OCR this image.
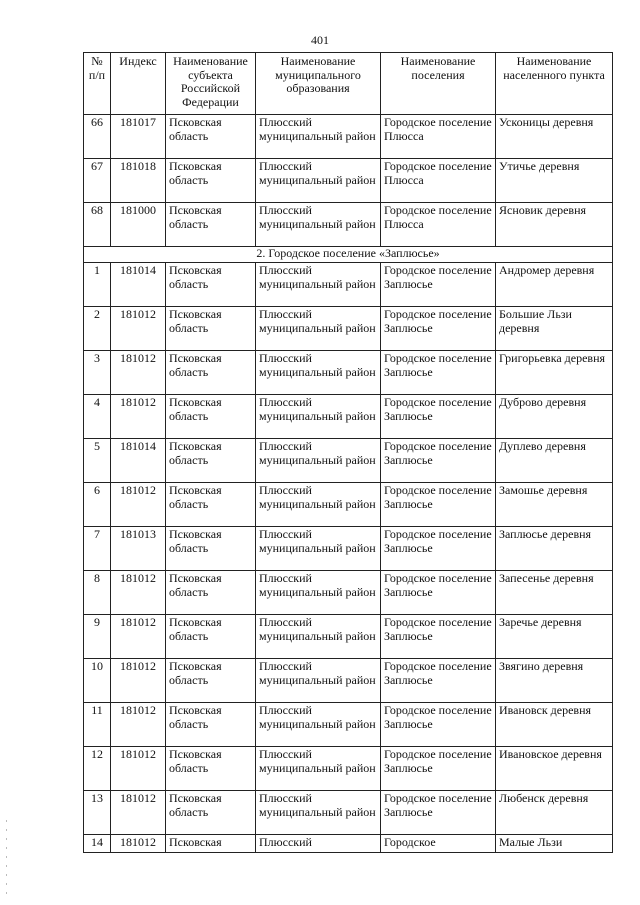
401
№ п/п	Индекс	Наименование субъекта Российской Федерации	Наименование муниципального образования	Наименование поселения	Наименование населенного пункта
66	181017	Псковская область	Плюсский муниципальный район	Городское поселение Плюсса	Усконицы деревня
67	181018	Псковская область	Плюсский муниципальный район	Городское поселение Плюсса	Утичье деревня
68	181000	Псковская область	Плюсский муниципальный район	Городское поселение Плюсса	Ясновик деревня
2. Городское поселение «Заплюсье»					
1	181014	Псковская область	Плюсский муниципальный район	Городское поселение Заплюсье	Андромер деревня
2	181012	Псковская область	Плюсский муниципальный район	Городское поселение Заплюсье	Большие Льзи деревня
3	181012	Псковская область	Плюсский муниципальный район	Городское поселение Заплюсье	Григорьевка деревня
4	181012	Псковская область	Плюсский муниципальный район	Городское поселение Заплюсье	Дуброво деревня
5	181014	Псковская область	Плюсский муниципальный район	Городское поселение Заплюсье	Дуплево деревня
6	181012	Псковская область	Плюсский муниципальный район	Городское поселение Заплюсье	Замошье деревня
7	181013	Псковская область	Плюсский муниципальный район	Городское поселение Заплюсье	Заплюсье деревня
8	181012	Псковская область	Плюсский муниципальный район	Городское поселение Заплюсье	Запесенье деревня
9	181012	Псковская область	Плюсский муниципальный район	Городское поселение Заплюсье	Заречье деревня
10	181012	Псковская область	Плюсский муниципальный район	Городское поселение Заплюсье	Звягино деревня
11	181012	Псковская область	Плюсский муниципальный район	Городское поселение Заплюсье	Ивановск деревня
12	181012	Псковская область	Плюсский муниципальный район	Городское поселение Заплюсье	Ивановское деревня
13	181012	Псковская область	Плюсский муниципальный район	Городское поселение Заплюсье	Любенск деревня
14	181012	Псковская	Плюсский	Городское	Малые Льзи
